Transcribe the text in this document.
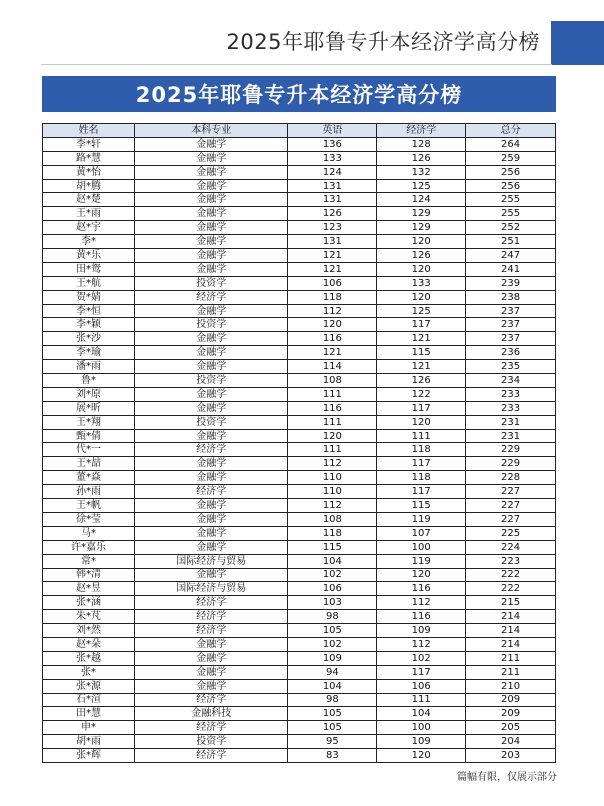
2025年耶鲁专升本经济学高分榜
2025年耶鲁专升本经济学高分榜
姓名	本科专业	英语	经济学	总分
李*轩	金融学	136	128	264
路*慧	金融学	133	126	259
黄*怡	金融学	124	132	256
胡*腾	金融学	131	125	256
赵*楚	金融学	131	124	255
王*雨	金融学	126	129	255
赵*宇	金融学	123	129	252
李*	金融学	131	120	251
黄*乐	金融学	121	126	247
田*鸳	金融学	121	120	241
王*航	投资学	106	133	239
贺*婧	经济学	118	120	238
李*恒	金融学	112	125	237
李*颖	投资学	120	117	237
张*沙	金融学	116	121	237
李*瑜	金融学	121	115	236
潘*雨	金融学	114	121	235
鲁*	投资学	108	126	234
刘*原	金融学	111	122	233
展*昕	金融学	116	117	233
王*翔	投资学	111	120	231
甄*倩	金融学	120	111	231
代*一	经济学	111	118	229
王*喆	金融学	112	117	229
董*焱	金融学	110	118	228
孙*雨	经济学	110	117	227
王*帆	金融学	112	115	227
徐*莹	金融学	108	119	227
马*	金融学	118	107	225
许*嘉乐	金融学	115	100	224
常*	国际经济与贸易	104	119	223
韩*清	金融学	102	120	222
赵*昱	国际经济与贸易	106	116	222
张*涵	经济学	103	112	215
朱*芃	经济学	98	116	214
刘*然	经济学	105	109	214
赵*朵	金融学	102	112	214
张*越	金融学	109	102	211
张*	金融学	94	117	211
张*源	金融学	104	106	210
石*渲	经济学	98	111	209
田*慧	金融科技	105	104	209
申*	经济学	105	100	205
胡*雨	投资学	95	109	204
张*辉	经济学	83	120	203
篇幅有限，仅展示部分
